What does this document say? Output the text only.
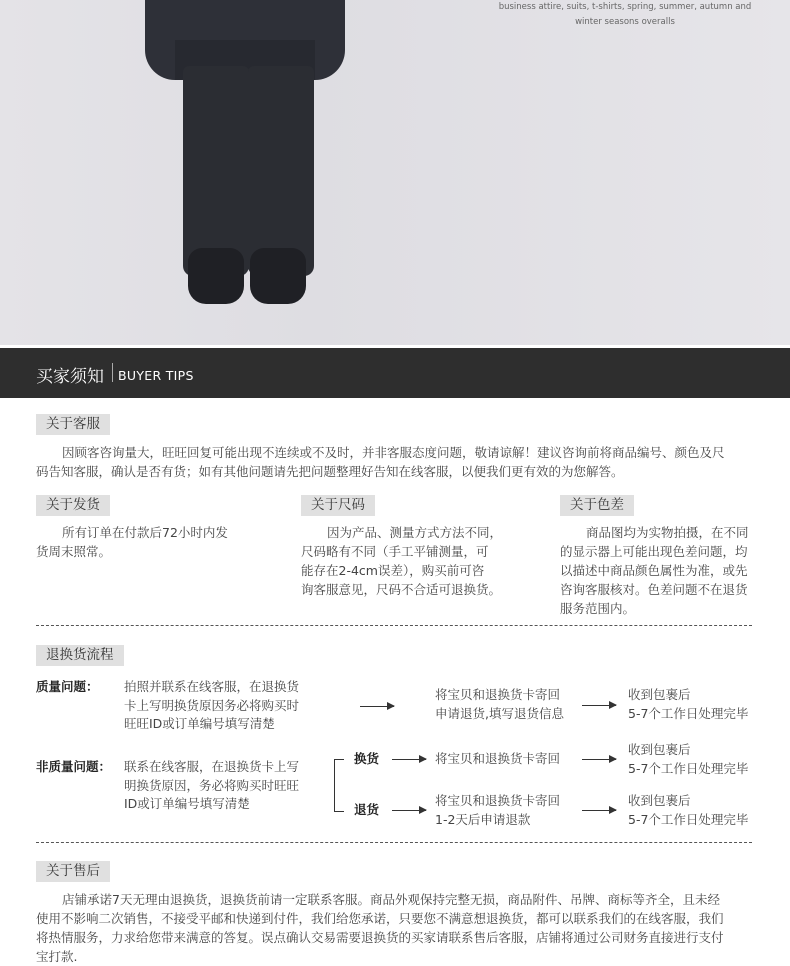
business attire, suits, t-shirts, spring, summer, autumn and winter seasons overalls
买家须知 BUYER TIPS
关于客服
因顾客咨询量大，旺旺回复可能出现不连续或不及时，并非客服态度问题，敬请谅解！建议咨询前将商品编号、颜色及尺
码告知客服，确认是否有货；如有其他问题请先把问题整理好告知在线客服，以便我们更有效的为您解答。
关于发货
所有订单在付款后72小时内发
货周末照常。
关于尺码
因为产品、测量方式方法不同，
尺码略有不同（手工平铺测量，可
能存在2-4cm误差），购买前可咨
询客服意见，尺码不合适可退换货。
关于色差
商品图均为实物拍摄，在不同
的显示器上可能出现色差问题，均
以描述中商品颜色属性为准，或先
咨询客服核对。色差问题不在退货
服务范围内。
退换货流程
质量问题： 拍照并联系在线客服，在退换货
卡上写明换货原因务必将购买时
旺旺ID或订单编号填写清楚
将宝贝和退换货卡寄回
申请退货,填写退货信息
收到包裹后
5-7个工作日处理完毕
非质量问题： 联系在线客服，在退换货卡上写
明换货原因，务必将购买时旺旺
ID或订单编号填写清楚
换货	将宝贝和退换货卡寄回
收到包裹后
5-7个工作日处理完毕
退货
将宝贝和退换货卡寄回
1-2天后申请退款
收到包裹后
5-7个工作日处理完毕
关于售后
店铺承诺7天无理由退换货，退换货前请一定联系客服。商品外观保持完整无损，商品附件、吊牌、商标等齐全，且未经
使用不影响二次销售，不接受平邮和快递到付件，我们给您承诺，只要您不满意想退换货，都可以联系我们的在线客服，我们
将热情服务，力求给您带来满意的答复。误点确认交易需要退换货的买家请联系售后客服，店铺将通过公司财务直接进行支付
宝打款.
